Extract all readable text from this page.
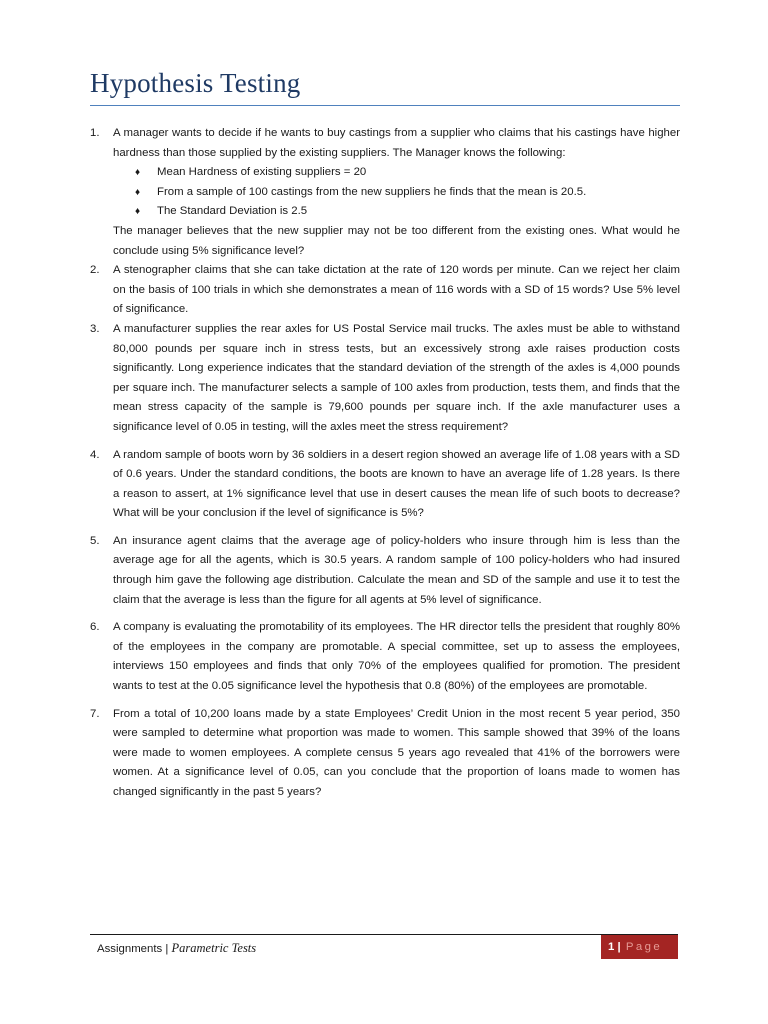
Hypothesis Testing
1. A manager wants to decide if he wants to buy castings from a supplier who claims that his castings have higher hardness than those supplied by the existing suppliers. The Manager knows the following:
♦ Mean Hardness of existing suppliers = 20
♦ From a sample of 100 castings from the new suppliers he finds that the mean is 20.5.
♦ The Standard Deviation is 2.5
The manager believes that the new supplier may not be too different from the existing ones. What would he conclude using 5% significance level?
2. A stenographer claims that she can take dictation at the rate of 120 words per minute. Can we reject her claim on the basis of 100 trials in which she demonstrates a mean of 116 words with a SD of 15 words? Use 5% level of significance.
3. A manufacturer supplies the rear axles for US Postal Service mail trucks. The axles must be able to withstand 80,000 pounds per square inch in stress tests, but an excessively strong axle raises production costs significantly. Long experience indicates that the standard deviation of the strength of the axles is 4,000 pounds per square inch. The manufacturer selects a sample of 100 axles from production, tests them, and finds that the mean stress capacity of the sample is 79,600 pounds per square inch. If the axle manufacturer uses a significance level of 0.05 in testing, will the axles meet the stress requirement?
4. A random sample of boots worn by 36 soldiers in a desert region showed an average life of 1.08 years with a SD of 0.6 years. Under the standard conditions, the boots are known to have an average life of 1.28 years. Is there a reason to assert, at 1% significance level that use in desert causes the mean life of such boots to decrease? What will be your conclusion if the level of significance is 5%?
5. An insurance agent claims that the average age of policy-holders who insure through him is less than the average age for all the agents, which is 30.5 years. A random sample of 100 policy-holders who had insured through him gave the following age distribution. Calculate the mean and SD of the sample and use it to test the claim that the average is less than the figure for all agents at 5% level of significance.
6. A company is evaluating the promotability of its employees. The HR director tells the president that roughly 80% of the employees in the company are promotable. A special committee, set up to assess the employees, interviews 150 employees and finds that only 70% of the employees qualified for promotion. The president wants to test at the 0.05 significance level the hypothesis that 0.8 (80%) of the employees are promotable.
7. From a total of 10,200 loans made by a state Employees’ Credit Union in the most recent 5 year period, 350 were sampled to determine what proportion was made to women. This sample showed that 39% of the loans were made to women employees. A complete census 5 years ago revealed that 41% of the borrowers were women. At a significance level of 0.05, can you conclude that the proportion of loans made to women has changed significantly in the past 5 years?
Assignments | Parametric Tests	1 | Page
